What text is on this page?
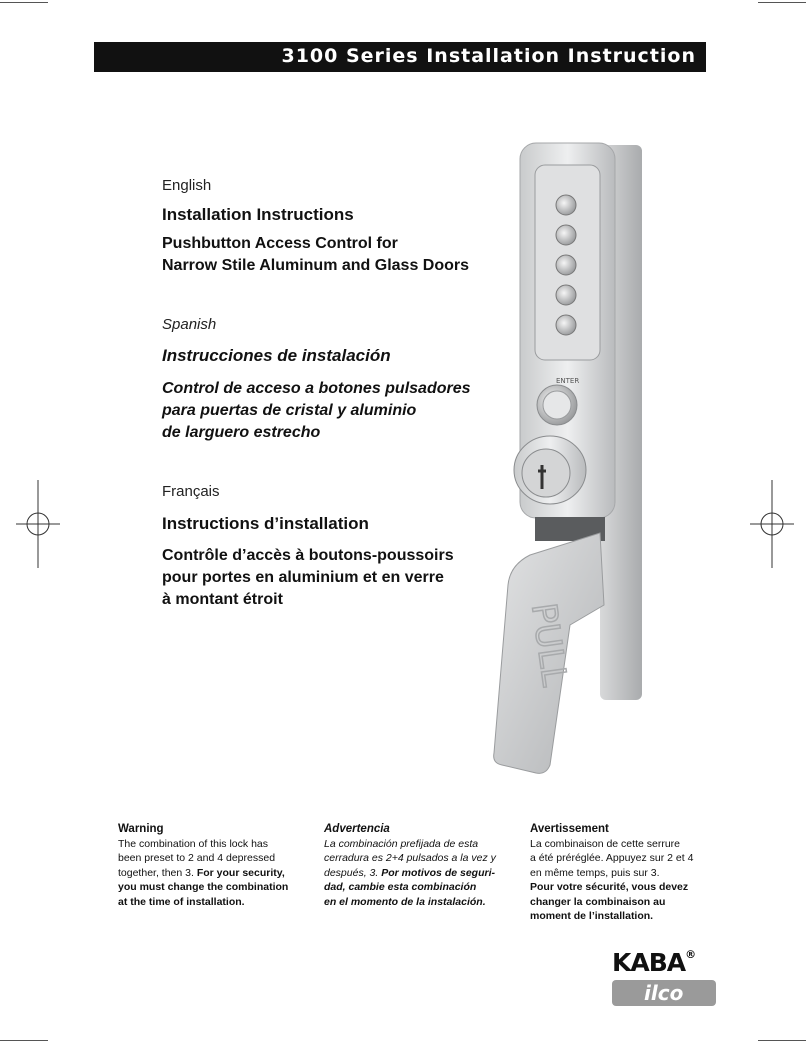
3100 Series Installation Instruction
English
Installation Instructions
Pushbutton Access Control for
Narrow Stile Aluminum and Glass Doors
Spanish
Instrucciones de instalación
Control de acceso a botones pulsadores
para puertas de cristal y aluminio
de larguero estrecho
Français
Instructions d’installation
Contrôle d’accès à boutons-poussoirs
pour portes en aluminium et en verre
à montant étroit
ENTER
PULL
Warning
The combination of this lock has
been preset to 2 and 4 depressed
together, then 3. For your security,
you must change the combination
at the time of installation.
Advertencia
La combinación prefijada de esta
cerradura es 2+4 pulsados a la vez y
después, 3. Por motivos de seguri-
dad, cambie esta combinación
en el momento de la instalación.
Avertissement
La combinaison de cette serrure
a été préréglée. Appuyez sur 2 et 4
en même temps, puis sur 3.
Pour votre sécurité, vous devez
changer la combinaison au
moment de l’installation.
KABA®
ilco
